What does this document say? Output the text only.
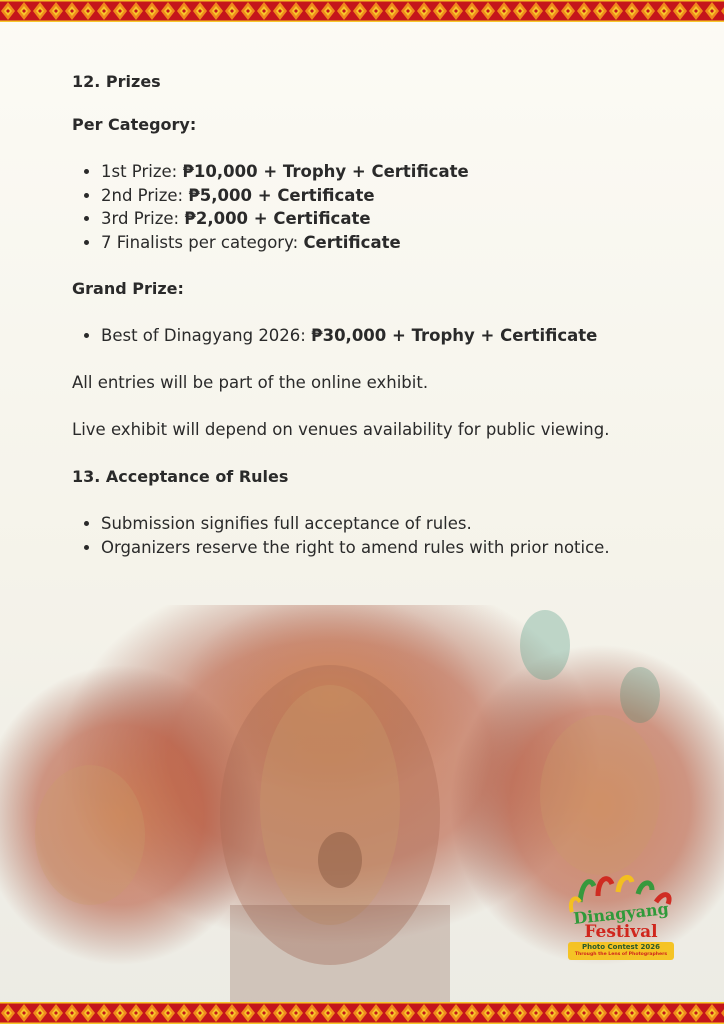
12. Prizes
Per Category:
• 1st Prize: ₱10,000 + Trophy + Certificate
• 2nd Prize: ₱5,000 + Certificate
• 3rd Prize: ₱2,000 + Certificate
• 7 Finalists per category: Certificate
Grand Prize:
• Best of Dinagyang 2026: ₱30,000 + Trophy + Certificate

All entries will be part of the online exhibit.

Live exhibit will depend on venues availability for public viewing.

13. Acceptance of Rules
• Submission signifies full acceptance of rules.
• Organizers reserve the right to amend rules with prior notice.
Dinagyang
Festival
Photo Contest 2026
Through the Lens of Photographers
